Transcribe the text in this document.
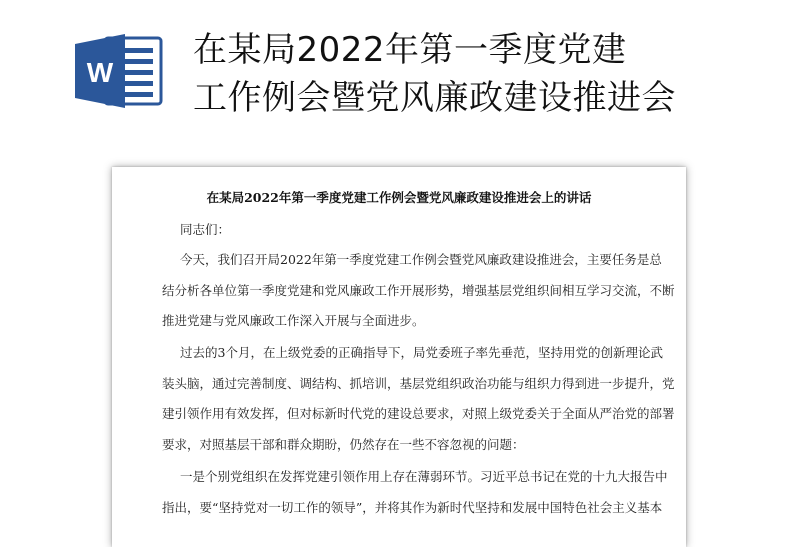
W
在某局2022年第一季度党建
工作例会暨党风廉政建设推进会
在某局2022年第一季度党建工作例会暨党风廉政建设推进会上的讲话
同志们：
今天，我们召开局2022年第一季度党建工作例会暨党风廉政建设推进会，主要任务是总
结分析各单位第一季度党建和党风廉政工作开展形势，增强基层党组织间相互学习交流，不断
推进党建与党风廉政工作深入开展与全面进步。
过去的3个月，在上级党委的正确指导下，局党委班子率先垂范，坚持用党的创新理论武
装头脑，通过完善制度、调结构、抓培训，基层党组织政治功能与组织力得到进一步提升，党
建引领作用有效发挥，但对标新时代党的建设总要求，对照上级党委关于全面从严治党的部署
要求，对照基层干部和群众期盼，仍然存在一些不容忽视的问题：
一是个别党组织在发挥党建引领作用上存在薄弱环节。习近平总书记在党的十九大报告中
指出，要“坚持党对一切工作的领导”，并将其作为新时代坚持和发展中国特色社会主义基本
